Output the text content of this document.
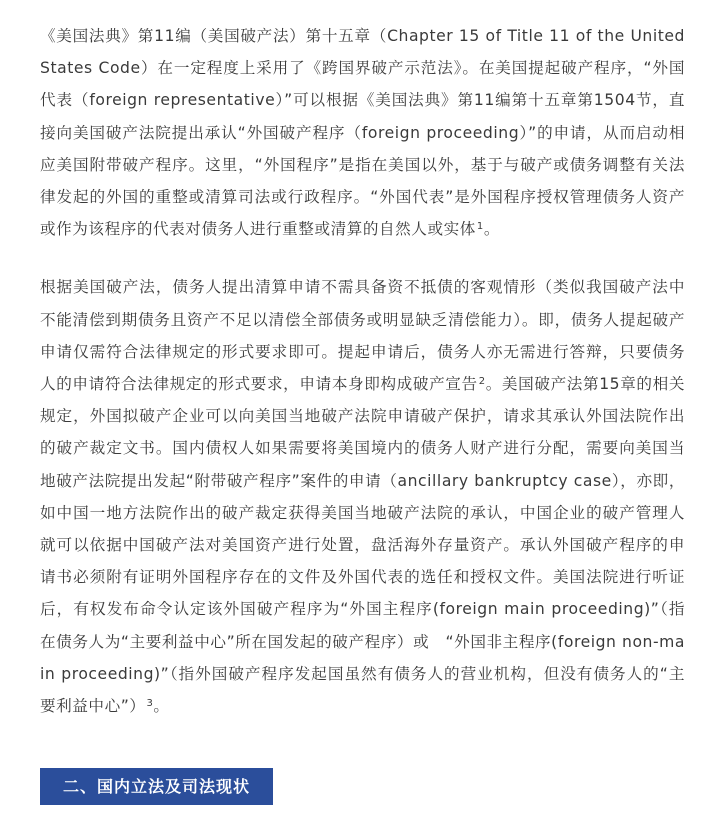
《美国法典》第11编（美国破产法）第十五章（Chapter 15 of Title 11 of the United States Code）在一定程度上采用了《跨国界破产示范法》。在美国提起破产程序，“外国代表（foreign representative）”可以根据《美国法典》第11编第十五章第1504节，直接向美国破产法院提出承认“外国破产程序（foreign proceeding）”的申请，从而启动相应美国附带破产程序。这里，“外国程序”是指在美国以外，基于与破产或债务调整有关法律发起的外国的重整或清算司法或行政程序。“外国代表”是外国程序授权管理债务人资产或作为该程序的代表对债务人进行重整或清算的自然人或实体$^1$。

根据美国破产法，债务人提出清算申请不需具备资不抵债的客观情形（类似我国破产法中不能清偿到期债务且资产不足以清偿全部债务或明显缺乏清偿能力）。即，债务人提起破产申请仅需符合法律规定的形式要求即可。提起申请后，债务人亦无需进行答辩，只要债务人的申请符合法律规定的形式要求，申请本身即构成破产宣告$^2$。美国破产法第15章的相关规定，外国拟破产企业可以向美国当地破产法院申请破产保护，请求其承认外国法院作出的破产裁定文书。国内债权人如果需要将美国境内的债务人财产进行分配，需要向美国当地破产法院提出发起“附带破产程序”案件的申请（ancillary bankruptcy case），亦即，如中国一地方法院作出的破产裁定获得美国当地破产法院的承认，中国企业的破产管理人就可以依据中国破产法对美国资产进行处置，盘活海外存量资产。承认外国破产程序的申请书必须附有证明外国程序存在的文件及外国代表的选任和授权文件。美国法院进行听证后，有权发布命令认定该外国破产程序为“外国主程序(foreign main proceeding)”（指在债务人为“主要利益中心”所在国发起的破产程序）或　“外国非主程序(foreign non-main proceeding)”（指外国破产程序发起国虽然有债务人的营业机构，但没有债务人的“主要利益中心”）$^3$。

二、国内立法及司法现状
